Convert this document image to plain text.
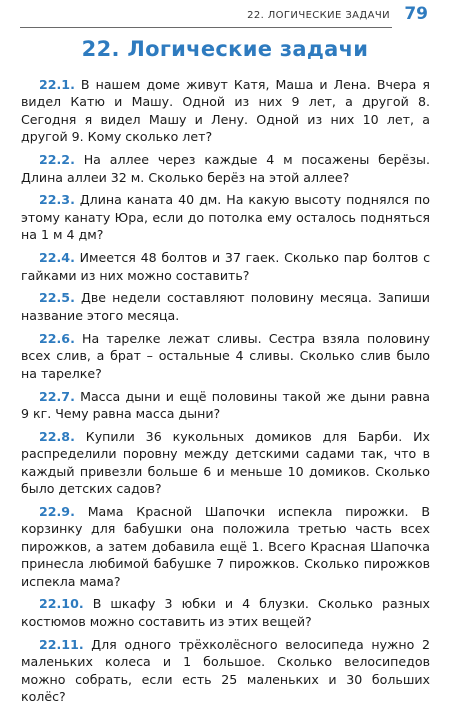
22. ЛОГИЧЕСКИЕ ЗАДАЧИ 79
22. Логические задачи

22.1. В нашем доме живут Катя, Маша и Лена. Вчера я видел Катю и Машу. Одной из них 9 лет, а другой 8. Сегодня я видел Машу и Лену. Одной из них 10 лет, а другой 9. Кому сколько лет?

22.2. На аллее через каждые 4 м посажены берёзы. Длина аллеи 32 м. Сколько берёз на этой аллее?

22.3. Длина каната 40 дм. На какую высоту поднялся по этому канату Юра, если до потолка ему осталось подняться на 1 м 4 дм?

22.4. Имеется 48 болтов и 37 гаек. Сколько пар болтов с гайками из них можно составить?

22.5. Две недели составляют половину месяца. Запиши название этого месяца.

22.6. На тарелке лежат сливы. Сестра взяла половину всех слив, а брат – остальные 4 сливы. Сколько слив было на тарелке?

22.7. Масса дыни и ещё половины такой же дыни равна 9 кг. Чему равна масса дыни?

22.8. Купили 36 кукольных домиков для Барби. Их распределили поровну между детскими садами так, что в каждый привезли больше 6 и меньше 10 домиков. Сколько было детских садов?

22.9. Мама Красной Шапочки испекла пирожки. В корзинку для бабушки она положила третью часть всех пирожков, а затем добавила ещё 1. Всего Красная Шапочка принесла любимой бабушке 7 пирожков. Сколько пирожков испекла мама?

22.10. В шкафу 3 юбки и 4 блузки. Сколько разных костюмов можно составить из этих вещей?

22.11. Для одного трёхколёсного велосипеда нужно 2 маленьких колеса и 1 большое. Сколько велосипедов можно собрать, если есть 25 маленьких и 30 больших колёс?
